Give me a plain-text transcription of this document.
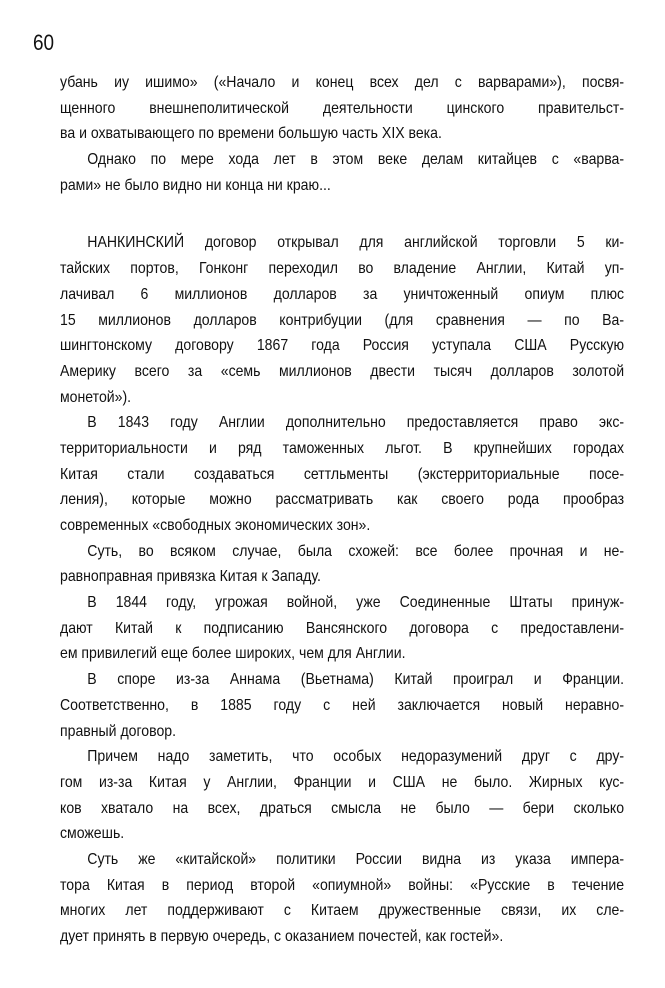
60
убань иу ишимо» («Начало и конец всех дел с варварами»), посвя-
щенного внешнеполитической деятельности цинского правительст-
ва и охватывающего по времени большую часть XIX века.
Однако по мере хода лет в этом веке делам китайцев с «варва-
рами» не было видно ни конца ни краю...
НАНКИНСКИЙ договор открывал для английской торговли 5 ки-
тайских портов, Гонконг переходил во владение Англии, Китай уп-
лачивал 6 миллионов долларов за уничтоженный опиум плюс
15 миллионов долларов контрибуции (для сравнения — по Ва-
шингтонскому договору 1867 года Россия уступала США Русскую
Америку всего за «семь миллионов двести тысяч долларов золотой
монетой»).
В 1843 году Англии дополнительно предоставляется право экс-
территориальности и ряд таможенных льгот. В крупнейших городах
Китая стали создаваться сеттльменты (экстерриториальные посе-
ления), которые можно рассматривать как своего рода прообраз
современных «свободных экономических зон».
Суть, во всяком случае, была схожей: все более прочная и не-
равноправная привязка Китая к Западу.
В 1844 году, угрожая войной, уже Соединенные Штаты принуж-
дают Китай к подписанию Вансянского договора с предоставлени-
ем привилегий еще более широких, чем для Англии.
В споре из-за Аннама (Вьетнама) Китай проиграл и Франции.
Соответственно, в 1885 году с ней заключается новый неравно-
правный договор.
Причем надо заметить, что особых недоразумений друг с дру-
гом из-за Китая у Англии, Франции и США не было. Жирных кус-
ков хватало на всех, драться смысла не было — бери сколько
сможешь.
Суть же «китайской» политики России видна из указа импера-
тора Китая в период второй «опиумной» войны: «Русские в течение
многих лет поддерживают с Китаем дружественные связи, их сле-
дует принять в первую очередь, с оказанием почестей, как гостей».
